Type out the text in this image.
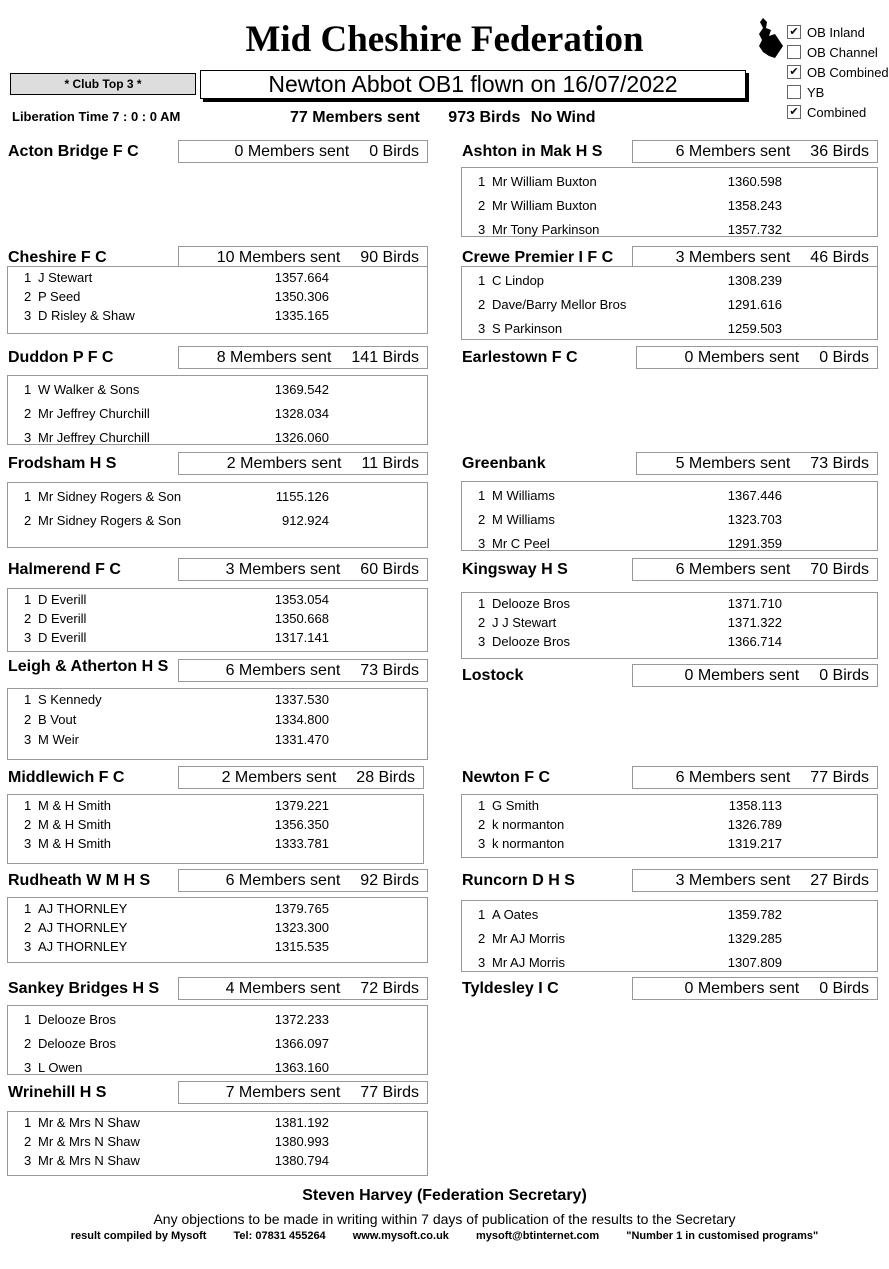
Mid Cheshire Federation	✔ OB Inland
OB Channel
✔ OB Combined
YB
✔ Combined
* Club Top 3 *	Newton Abbot OB1 flown on 16/07/2022
Liberation Time 7 : 0 : 0 AM	77 Members sent 973 Birds No Wind
Acton Bridge F C	0 Members sent	0 Birds	Ashton in Mak H S	6 Members sent	36 Birds
1 Mr William Buxton	1360.598
2 Mr William Buxton	1358.243
3 Mr Tony Parkinson	1357.732
Cheshire F C	10 Members sent	90 Birds
1 J Stewart	1357.664
2 P Seed	1350.306
3 D Risley & Shaw	1335.165
Crewe Premier I F C	3 Members sent	46 Birds
1 C Lindop	1308.239
2 Dave/Barry Mellor Bros	1291.616
3 S Parkinson	1259.503
Duddon P F C	8 Members sent	141 Birds
1 W Walker & Sons	1369.542
2 Mr Jeffrey Churchill	1328.034
3 Mr Jeffrey Churchill	1326.060
Earlestown F C	0 Members sent	0 Birds
Frodsham H S	2 Members sent	11 Birds
1 Mr Sidney Rogers & Son	1155.126
2 Mr Sidney Rogers & Son	912.924
Greenbank	5 Members sent	73 Birds
1 M Williams	1367.446
2 M Williams	1323.703
3 Mr C Peel	1291.359
Halmerend F C	3 Members sent	60 Birds
1 D Everill	1353.054
2 D Everill	1350.668
3 D Everill	1317.141
Kingsway H S	6 Members sent	70 Birds
1 Delooze Bros	1371.710
2 J J Stewart	1371.322
3 Delooze Bros	1366.714
Leigh & Atherton H S	6 Members sent	73 Birds
1 S Kennedy	1337.530
2 B Vout	1334.800
3 M Weir	1331.470
Lostock	0 Members sent	0 Birds
Middlewich F C	2 Members sent	28 Birds
1 M & H Smith	1379.221
2 M & H Smith	1356.350
3 M & H Smith	1333.781
Newton F C	6 Members sent	77 Birds
1 G Smith	1358.113
2 k normanton	1326.789
3 k normanton	1319.217
Rudheath W M H S	6 Members sent	92 Birds
1 AJ THORNLEY	1379.765
2 AJ THORNLEY	1323.300
3 AJ THORNLEY	1315.535
Runcorn D H S	3 Members sent	27 Birds
1 A Oates	1359.782
2 Mr AJ Morris	1329.285
3 Mr AJ Morris	1307.809
Sankey Bridges H S	4 Members sent	72 Birds
1 Delooze Bros	1372.233
2 Delooze Bros	1366.097
3 L Owen	1363.160
Tyldesley I C	0 Members sent	0 Birds
Wrinehill H S	7 Members sent	77 Birds
1 Mr & Mrs N Shaw	1381.192
2 Mr & Mrs N Shaw	1380.993
3 Mr & Mrs N Shaw	1380.794
Steven Harvey (Federation Secretary)
Any objections to be made in writing within 7 days of publication of the results to the Secretary
result compiled by Mysoft Tel: 07831 455264 www.mysoft.co.uk mysoft@btinternet.com "Number 1 in customised programs"
